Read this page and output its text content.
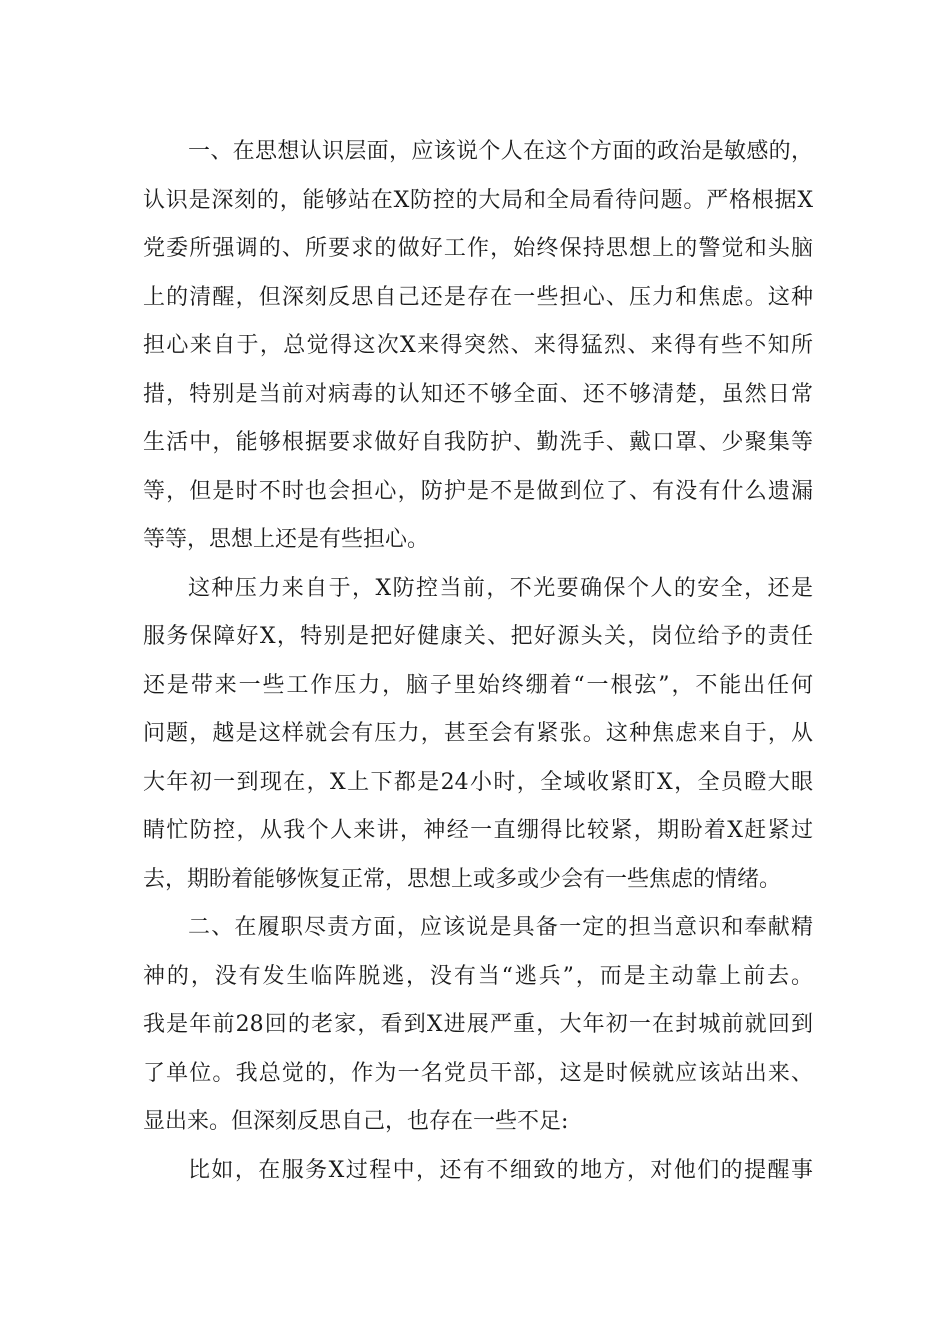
一、在思想认识层面，应该说个人在这个方面的政治是敏感的，
认识是深刻的，能够站在X防控的大局和全局看待问题。严格根据X
党委所强调的、所要求的做好工作，始终保持思想上的警觉和头脑
上的清醒，但深刻反思自己还是存在一些担心、压力和焦虑。这种
担心来自于，总觉得这次X来得突然、来得猛烈、来得有些不知所
措，特别是当前对病毒的认知还不够全面、还不够清楚，虽然日常
生活中，能够根据要求做好自我防护、勤洗手、戴口罩、少聚集等
等，但是时不时也会担心，防护是不是做到位了、有没有什么遗漏
等等，思想上还是有些担心。
这种压力来自于，X防控当前，不光要确保个人的安全，还是
服务保障好X，特别是把好健康关、把好源头关，岗位给予的责任
还是带来一些工作压力，脑子里始终绷着“一根弦”，不能出任何
问题，越是这样就会有压力，甚至会有紧张。这种焦虑来自于，从
大年初一到现在，X上下都是24小时，全域收紧盯X，全员瞪大眼
睛忙防控，从我个人来讲，神经一直绷得比较紧，期盼着X赶紧过
去，期盼着能够恢复正常，思想上或多或少会有一些焦虑的情绪。
二、在履职尽责方面，应该说是具备一定的担当意识和奉献精
神的，没有发生临阵脱逃，没有当“逃兵”，而是主动靠上前去。
我是年前28回的老家，看到X进展严重，大年初一在封城前就回到
了单位。我总觉的，作为一名党员干部，这是时候就应该站出来、
显出来。但深刻反思自己，也存在一些不足:
比如，在服务X过程中，还有不细致的地方，对他们的提醒事
